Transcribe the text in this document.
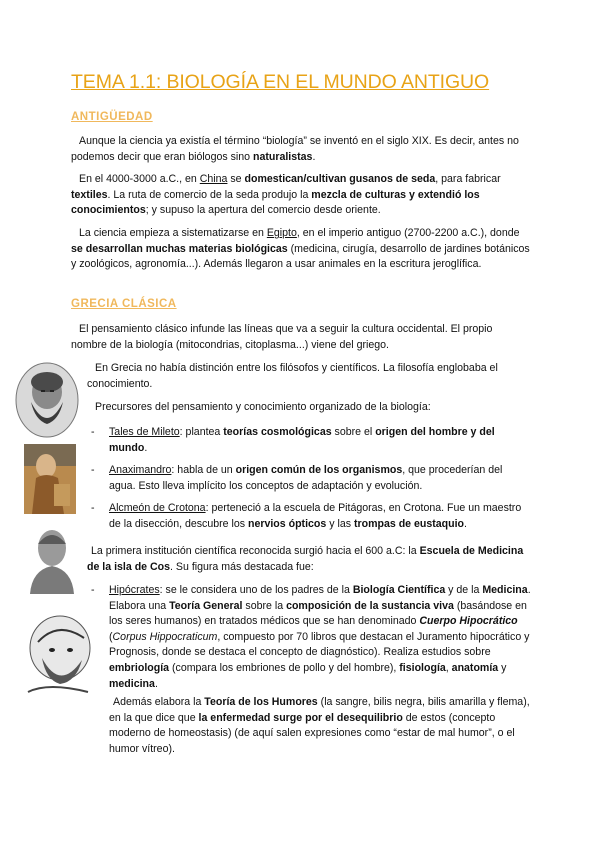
TEMA 1.1: BIOLOGÍA EN EL MUNDO ANTIGUO
ANTIGÜEDAD
Aunque la ciencia ya existía el término “biología” se inventó en el siglo XIX. Es decir, antes no podemos decir que eran biólogos sino naturalistas.
En el 4000-3000 a.C., en China se domestican/cultivan gusanos de seda, para fabricar textiles. La ruta de comercio de la seda produjo la mezcla de culturas y extendió los conocimientos; y supuso la apertura del comercio desde oriente.
La ciencia empieza a sistematizarse en Egipto, en el imperio antiguo (2700-2200 a.C.), donde se desarrollan muchas materias biológicas (medicina, cirugía, desarrollo de jardines botánicos y zoológicos, agronomía...). Además llegaron a usar animales en la escritura jeroglífica.
GRECIA CLÁSICA
El pensamiento clásico infunde las líneas que va a seguir la cultura occidental. El propio nombre de la biología (mitocondrias, citoplasma...) viene del griego.
En Grecia no había distinción entre los filósofos y científicos. La filosofía englobaba el conocimiento.
Precursores del pensamiento y conocimiento organizado de la biología:
- Tales de Mileto: plantea teorías cosmológicas sobre el origen del hombre y del mundo.
- Anaximandro: habla de un origen común de los organismos, que procederían del agua. Esto lleva implícito los conceptos de adaptación y evolución.
- Alcmeón de Crotona: perteneció a la escuela de Pitágoras, en Crotona. Fue un maestro de la disección, descubre los nervios ópticos y las trompas de eustaquio.
La primera institución científica reconocida surgió hacia el 600 a.C: la Escuela de Medicina de la isla de Cos. Su figura más destacada fue:
- Hipócrates: se le considera uno de los padres de la Biología Científica y de la Medicina. Elabora una Teoría General sobre la composición de la sustancia viva (basándose en los seres humanos) en tratados médicos que se han denominado Cuerpo Hipocrático (Corpus Hippocraticum, compuesto por 70 libros que destacan el Juramento hipocrático y Prognosis, donde se destaca el concepto de diagnóstico). Realiza estudios sobre embriología (compara los embriones de pollo y del hombre), fisiología, anatomía y medicina.
Además elabora la Teoría de los Humores (la sangre, bilis negra, bilis amarilla y flema), en la que dice que la enfermedad surge por el desequilibrio de estos (concepto moderno de homeostasis) (de aquí salen expresiones como “estar de mal humor”, o el humor vítreo).
